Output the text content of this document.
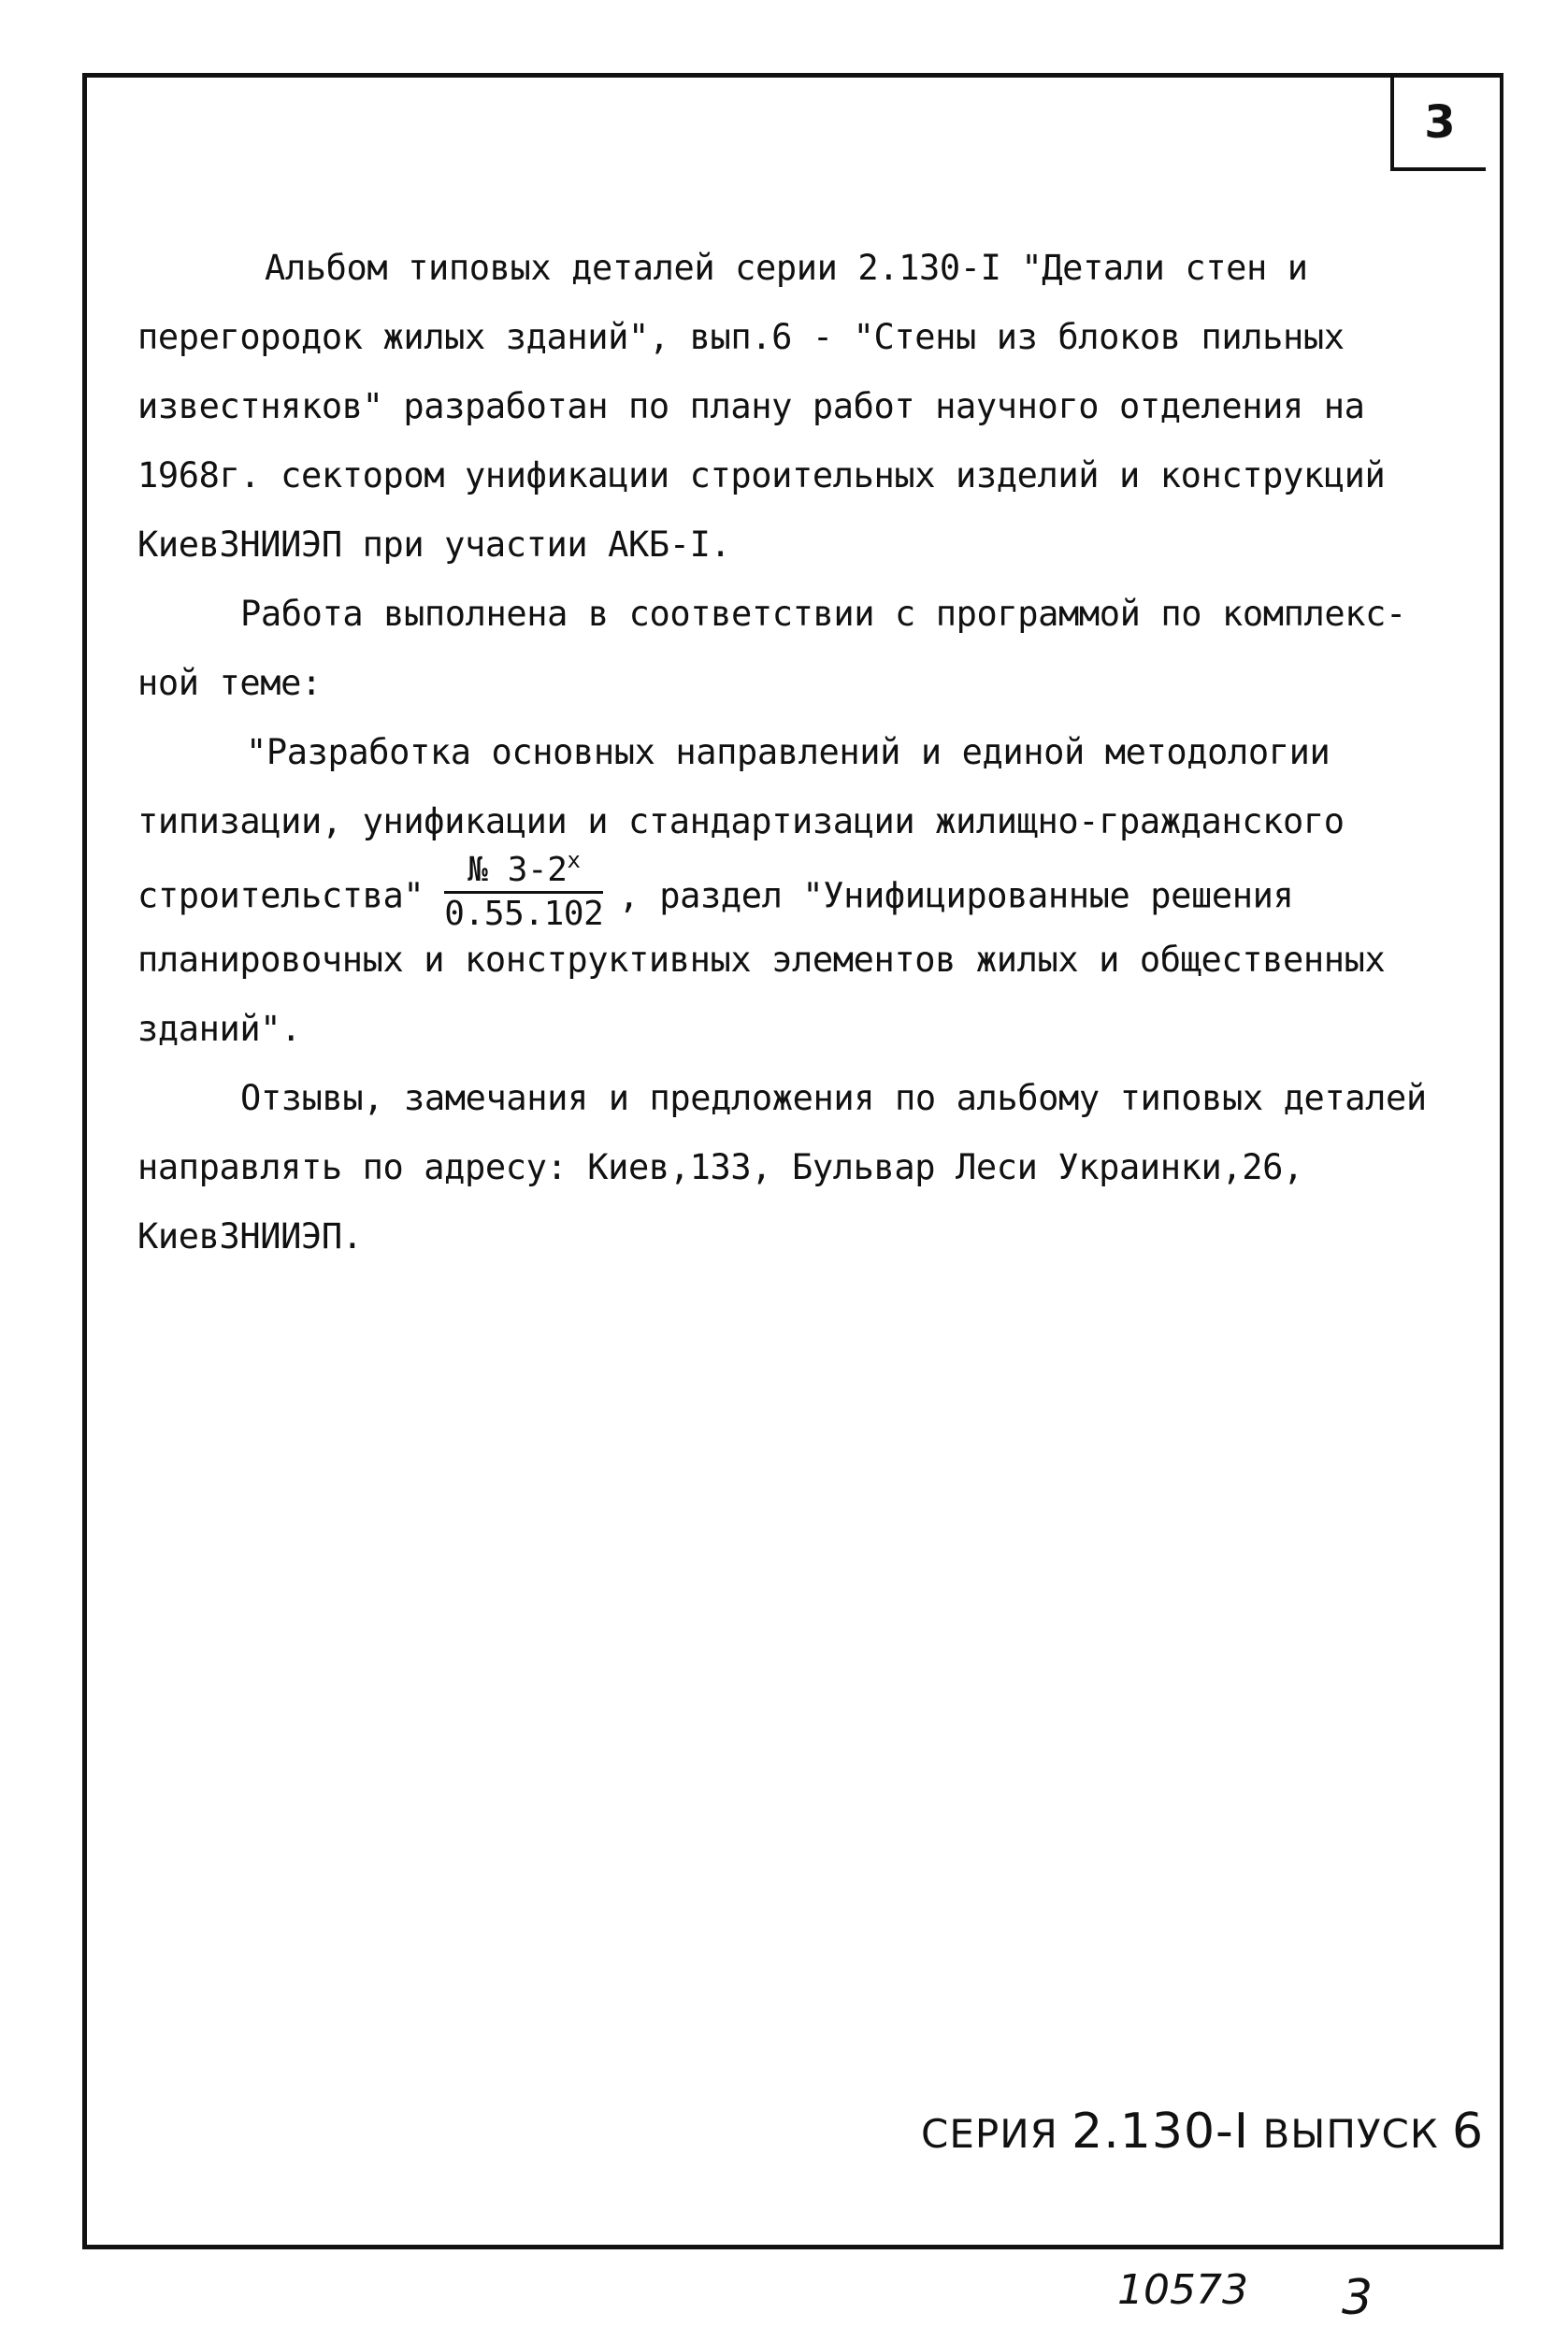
3
Альбом типовых деталей серии 2.130-I "Детали стен и
перегородок жилых зданий", вып.6 - "Стены из блоков пильных
известняков" разработан по плану работ научного отделения на
1968г. сектором унификации строительных изделий и конструкций
КиевЗНИИЭП при участии АКБ-I.
Работа выполнена в соответствии с программой по комплекс-
ной теме:
"Разработка основных направлений и единой методологии
типизации, унификации и стандартизации жилищно-гражданского
строительства" $\frac{№ 3-2^x}{0.55.102}$ , раздел "Унифицированные решения
планировочных и конструктивных элементов жилых и общественных
зданий".
Отзывы, замечания и предложения по альбому типовых деталей
направлять по адресу: Киев,133, Бульвар Леси Украинки,26,
КиевЗНИИЭП.
СЕРИЯ 2.130-I ВЫПУСК 6
10573 3
